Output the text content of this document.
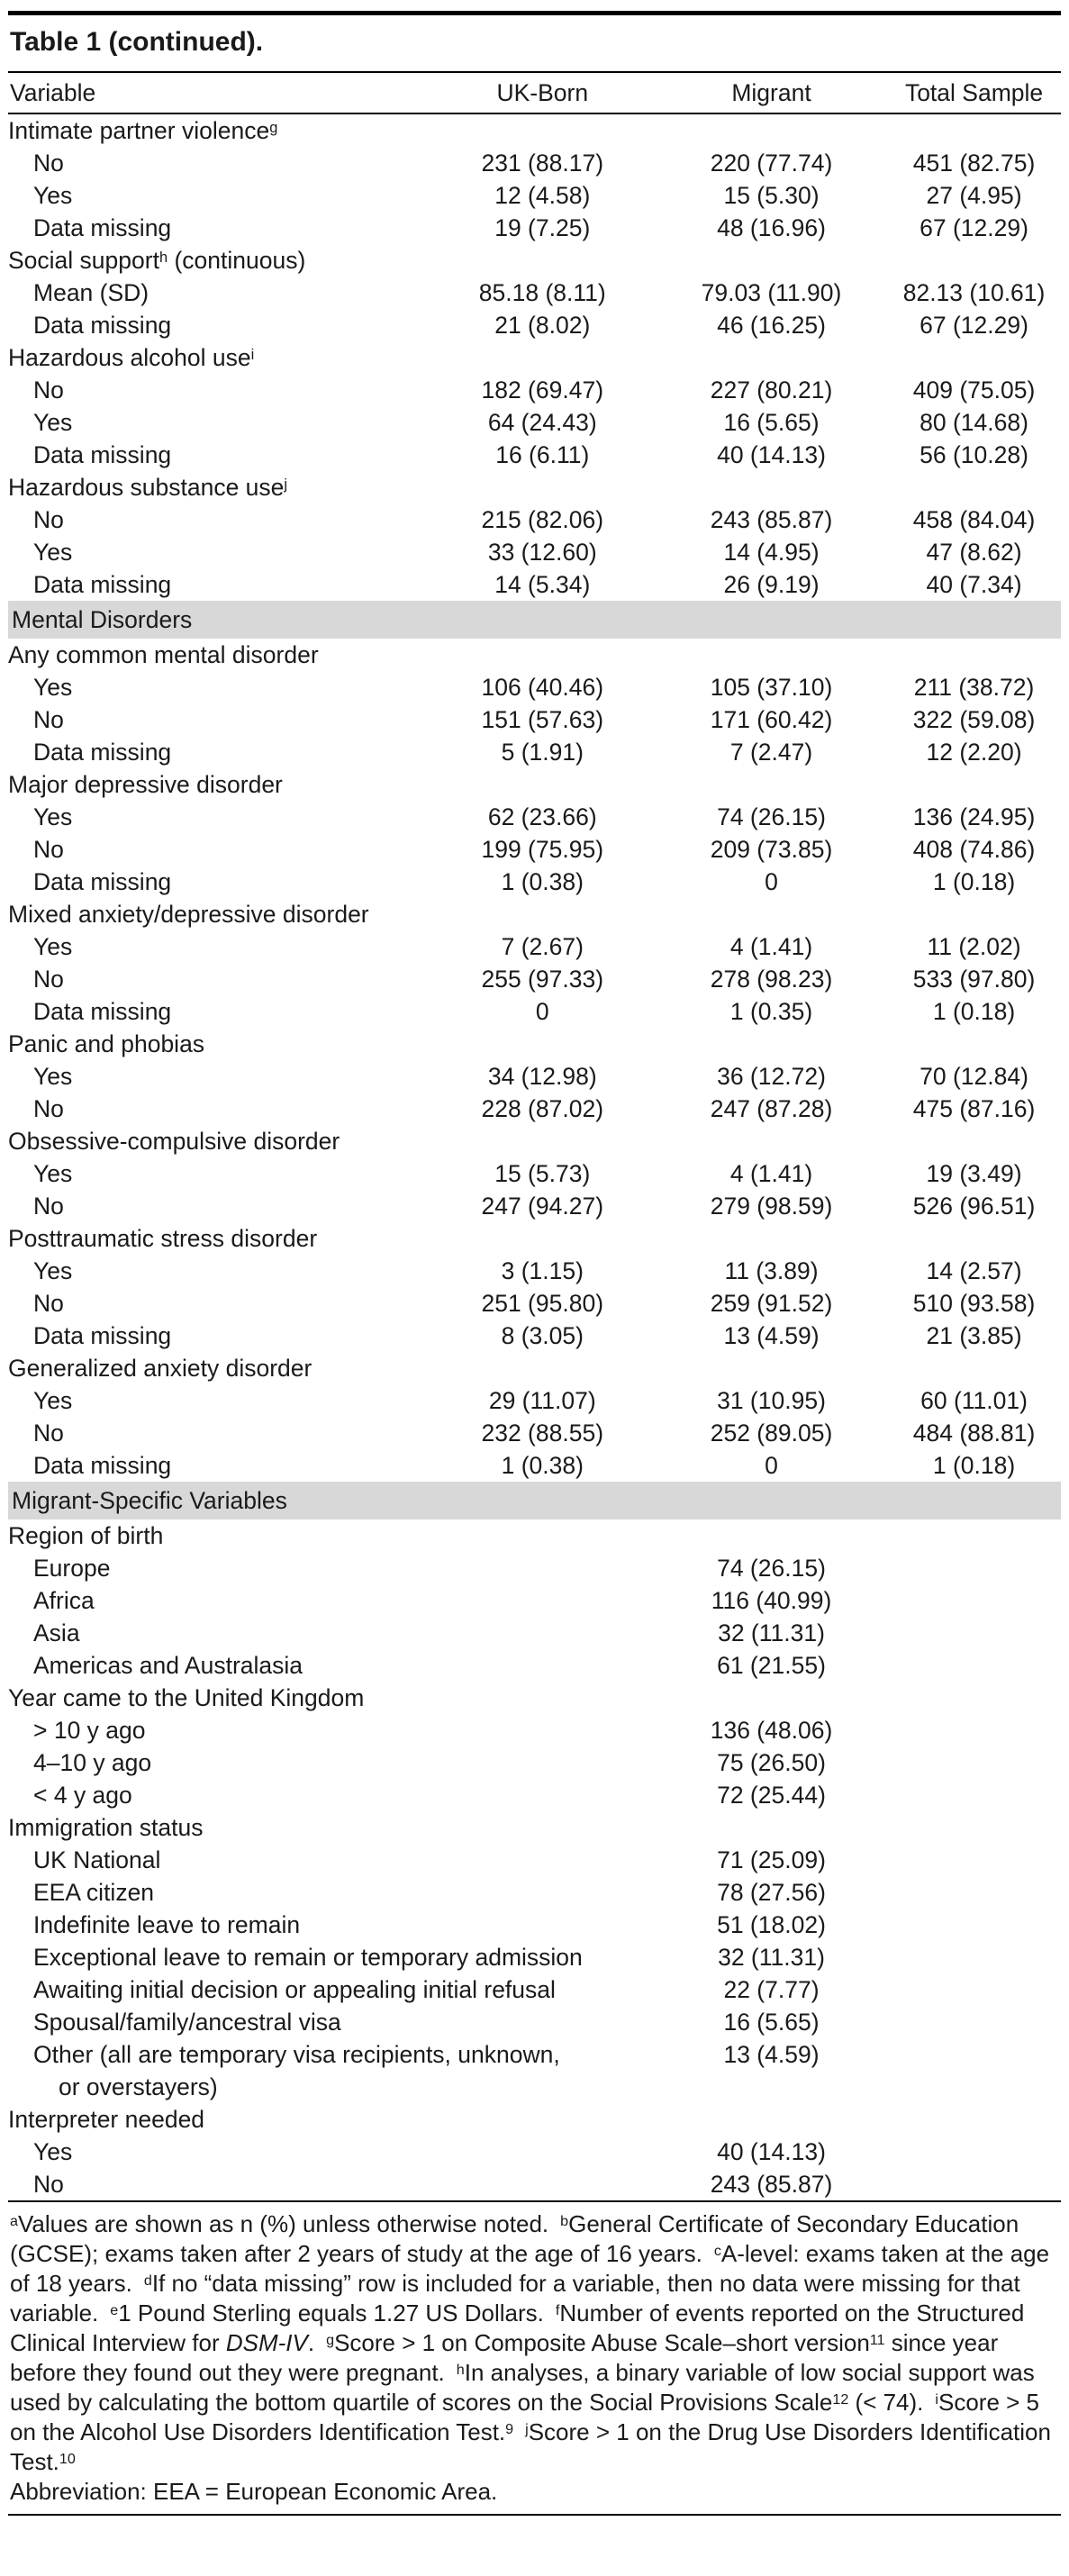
Table 1 (continued).
Variable	UK-Born	Migrant	Total Sample
Intimate partner violence$^g$			
No	231 (88.17)	220 (77.74)	451 (82.75)
Yes	12 (4.58)	15 (5.30)	27 (4.95)
Data missing	19 (7.25)	48 (16.96)	67 (12.29)
Social support$^h$ (continuous)			
Mean (SD)	85.18 (8.11)	79.03 (11.90)	82.13 (10.61)
Data missing	21 (8.02)	46 (16.25)	67 (12.29)
Hazardous alcohol use$^i$			
No	182 (69.47)	227 (80.21)	409 (75.05)
Yes	64 (24.43)	16 (5.65)	80 (14.68)
Data missing	16 (6.11)	40 (14.13)	56 (10.28)
Hazardous substance use$^j$			
No	215 (82.06)	243 (85.87)	458 (84.04)
Yes	33 (12.60)	14 (4.95)	47 (8.62)
Data missing	14 (5.34)	26 (9.19)	40 (7.34)
Mental Disorders			
Any common mental disorder			
Yes	106 (40.46)	105 (37.10)	211 (38.72)
No	151 (57.63)	171 (60.42)	322 (59.08)
Data missing	5 (1.91)	7 (2.47)	12 (2.20)
Major depressive disorder			
Yes	62 (23.66)	74 (26.15)	136 (24.95)
No	199 (75.95)	209 (73.85)	408 (74.86)
Data missing	1 (0.38)	0	1 (0.18)
Mixed anxiety/depressive disorder			
Yes	7 (2.67)	4 (1.41)	11 (2.02)
No	255 (97.33)	278 (98.23)	533 (97.80)
Data missing	0	1 (0.35)	1 (0.18)
Panic and phobias			
Yes	34 (12.98)	36 (12.72)	70 (12.84)
No	228 (87.02)	247 (87.28)	475 (87.16)
Obsessive-compulsive disorder			
Yes	15 (5.73)	4 (1.41)	19 (3.49)
No	247 (94.27)	279 (98.59)	526 (96.51)
Posttraumatic stress disorder			
Yes	3 (1.15)	11 (3.89)	14 (2.57)
No	251 (95.80)	259 (91.52)	510 (93.58)
Data missing	8 (3.05)	13 (4.59)	21 (3.85)
Generalized anxiety disorder			
Yes	29 (11.07)	31 (10.95)	60 (11.01)
No	232 (88.55)	252 (89.05)	484 (88.81)
Data missing	1 (0.38)	0	1 (0.18)
Migrant-Specific Variables			
Region of birth			
Europe		74 (26.15)	
Africa		116 (40.99)	
Asia		32 (11.31)	
Americas and Australasia		61 (21.55)	
Year came to the United Kingdom			
> 10 y ago		136 (48.06)	
4–10 y ago		75 (26.50)	
< 4 y ago		72 (25.44)	
Immigration status			
UK National		71 (25.09)	
EEA citizen		78 (27.56)	
Indefinite leave to remain		51 (18.02)	
Exceptional leave to remain or temporary admission		32 (11.31)	
Awaiting initial decision or appealing initial refusal		22 (7.77)	
Spousal/family/ancestral visa		16 (5.65)	
Other (all are temporary visa recipients, unknown,		13 (4.59)	
or overstayers)			
Interpreter needed			
Yes		40 (14.13)	
No		243 (85.87)	

$^a$Values are shown as n (%) unless otherwise noted. $^b$General Certificate of Secondary Education (GCSE); exams taken after 2 years of study at the age of 16 years. $^c$A-level: exams taken at the age of 18 years. $^d$If no “data missing” row is included for a variable, then no data were missing for that variable. $^e$1 Pound Sterling equals 1.27 US Dollars. $^f$Number of events reported on the Structured Clinical Interview for DSM-IV. $^g$Score > 1 on Composite Abuse Scale–short version$^{11}$ since year before they found out they were pregnant. $^h$In analyses, a binary variable of low social support was used by calculating the bottom quartile of scores on the Social Provisions Scale$^{12}$ (< 74). $^i$Score > 5 on the Alcohol Use Disorders Identification Test.$^9$  $^j$Score > 1 on the Drug Use Disorders Identification Test.$^{10}$

Abbreviation: EEA = European Economic Area.
